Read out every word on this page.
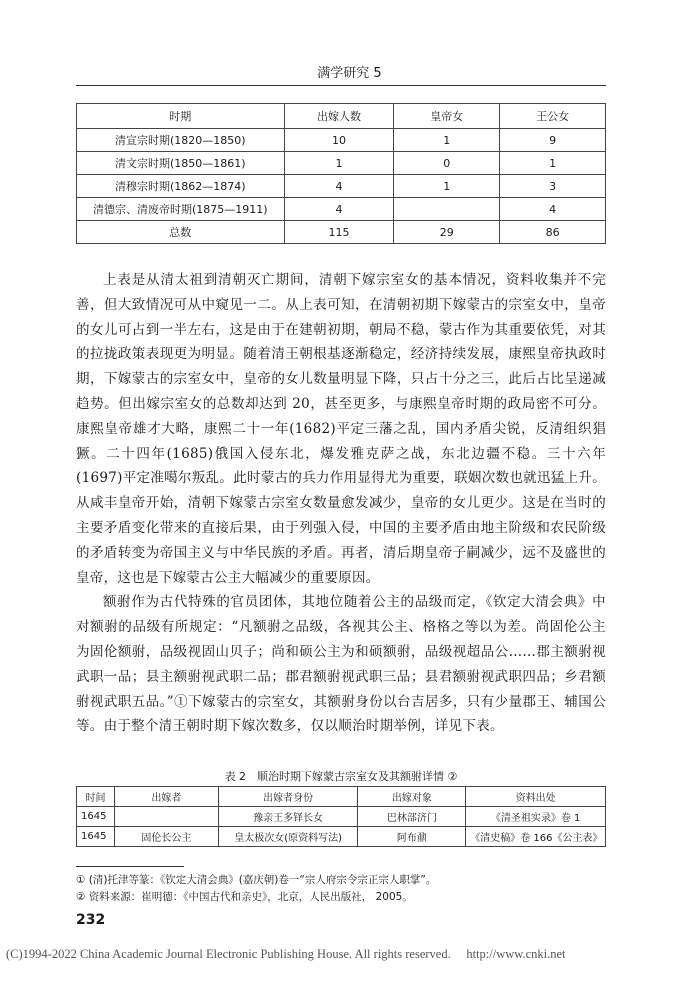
满学研究 5
时期	出嫁人数	皇帝女	王公女
清宣宗时期(1820—1850)	10	1	9
清文宗时期(1850—1861)	1	0	1
清穆宗时期(1862—1874)	4	1	3
清德宗、清废帝时期(1875—1911)	4		4
总数	115	29	86

上表是从清太祖到清朝灭亡期间，清朝下嫁宗室女的基本情况，资料收集并不完善，但大致情况可从中窥见一二。从上表可知，在清朝初期下嫁蒙古的宗室女中，皇帝的女儿可占到一半左右，这是由于在建朝初期，朝局不稳，蒙古作为其重要依凭，对其的拉拢政策表现更为明显。随着清王朝根基逐渐稳定，经济持续发展，康熙皇帝执政时期，下嫁蒙古的宗室女中，皇帝的女儿数量明显下降，只占十分之三，此后占比呈递减趋势。但出嫁宗室女的总数却达到 20，甚至更多，与康熙皇帝时期的政局密不可分。康熙皇帝雄才大略，康熙二十一年(1682)平定三藩之乱，国内矛盾尖锐，反清组织猖獗。二十四年(1685)俄国入侵东北，爆发雅克萨之战，东北边疆不稳。三十六年(1697)平定准噶尔叛乱。此时蒙古的兵力作用显得尤为重要，联姻次数也就迅猛上升。从咸丰皇帝开始，清朝下嫁蒙古宗室女数量愈发减少，皇帝的女儿更少。这是在当时的主要矛盾变化带来的直接后果，由于列强入侵，中国的主要矛盾由地主阶级和农民阶级的矛盾转变为帝国主义与中华民族的矛盾。再者，清后期皇帝子嗣减少，远不及盛世的皇帝，这也是下嫁蒙古公主大幅减少的重要原因。

额驸作为古代特殊的官员团体，其地位随着公主的品级而定，《钦定大清会典》中对额驸的品级有所规定：“凡额驸之品级，各视其公主、格格之等以为差。尚固伦公主为固伦额驸，品级视固山贝子；尚和硕公主为和硕额驸，品级视超品公……郡主额驸视武职一品；县主额驸视武职二品；郡君额驸视武职三品；县君额驸视武职四品；乡君额驸视武职五品。”①下嫁蒙古的宗室女，其额驸身份以台吉居多，只有少量郡王、辅国公等。由于整个清王朝时期下嫁次数多，仅以顺治时期举例，详见下表。

表 2　顺治时期下嫁蒙古宗室女及其额驸详情 ②
时间	出嫁者	出嫁者身份	出嫁对象	资料出处
1645		豫亲王多铎长女	巴林部济门	《清圣祖实录》卷 1
1645	固伦长公主	皇太极次女(原资料写法)	阿布鼐	《清史稿》卷 166《公主表》
① (清)托津等篆：《钦定大清会典》(嘉庆朝)卷一“宗人府宗令宗正宗人职掌”。
② 资料来源：崔明德：《中国古代和亲史》，北京，人民出版社， 2005。
232
(C)1994-2022 China Academic Journal Electronic Publishing House. All rights reserved.　 http://www.cnki.net
